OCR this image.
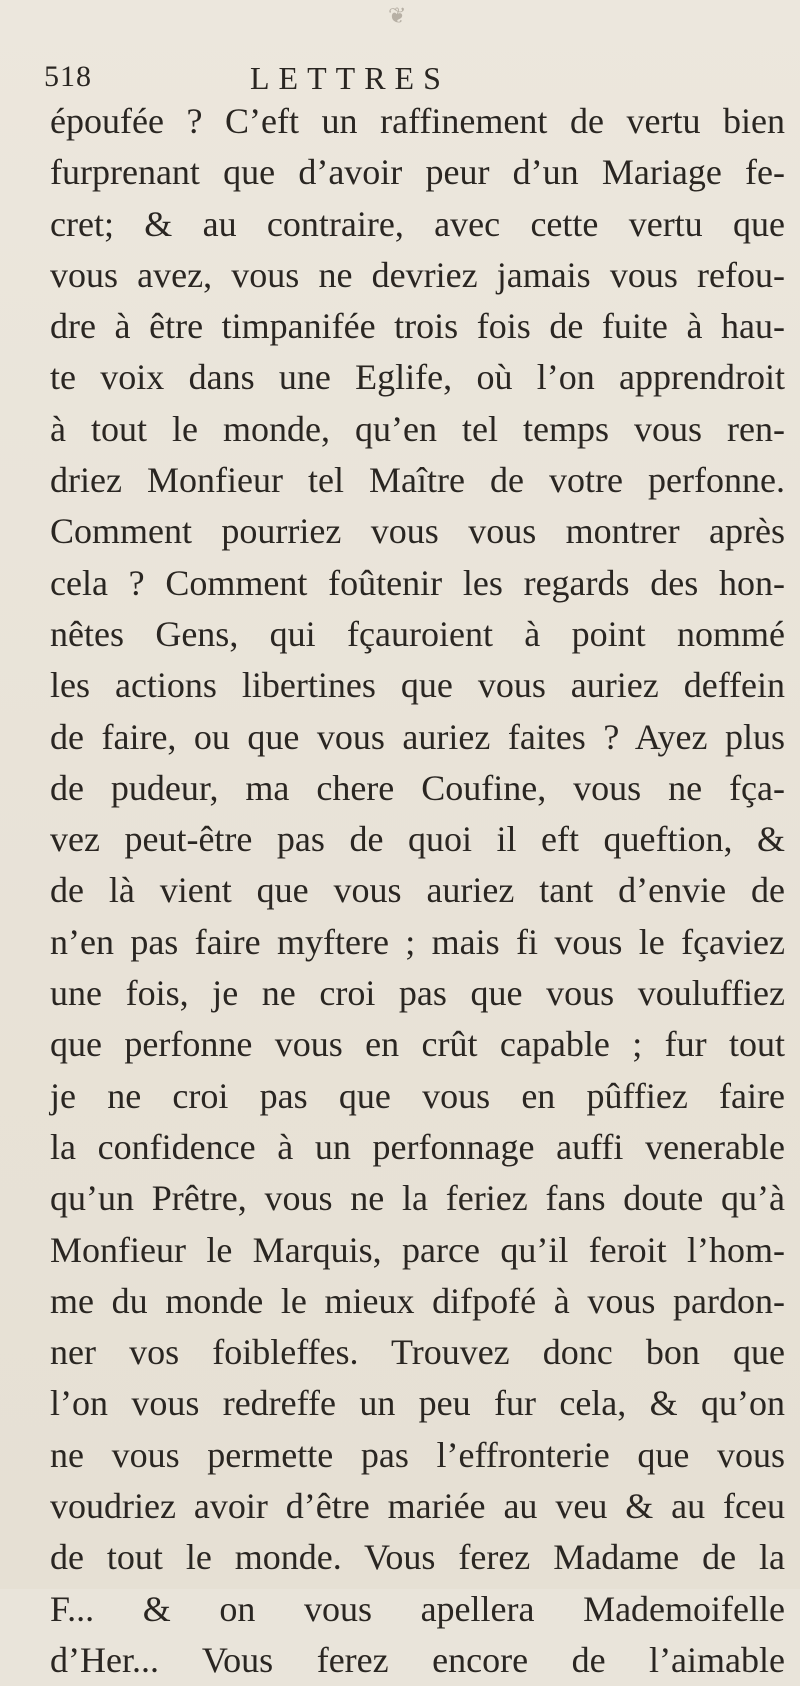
❦
518	LETTRES
époufée ? C’eft un raffinement de vertu bien
furprenant que d’avoir peur d’un Mariage fe-
cret; & au contraire, avec cette vertu que
vous avez, vous ne devriez jamais vous refou-
dre à être timpanifée trois fois de fuite à hau-
te voix dans une Eglife, où l’on apprendroit
à tout le monde, qu’en tel temps vous ren-
driez Monfieur tel Maître de votre perfonne.
Comment pourriez vous vous montrer après
cela ? Comment foûtenir les regards des hon-
nêtes Gens, qui fçauroient à point nommé
les actions libertines que vous auriez deffein
de faire, ou que vous auriez faites ? Ayez plus
de pudeur, ma chere Coufine, vous ne fça-
vez peut-être pas de quoi il eft queftion, &
de là vient que vous auriez tant d’envie de
n’en pas faire myftere ; mais fi vous le fçaviez
une fois, je ne croi pas que vous vouluffiez
que perfonne vous en crût capable ; fur tout
je ne croi pas que vous en pûffiez faire
la confidence à un perfonnage auffi venerable
qu’un Prêtre, vous ne la feriez fans doute qu’à
Monfieur le Marquis, parce qu’il feroit l’hom-
me du monde le mieux difpofé à vous pardon-
ner vos foibleffes. Trouvez donc bon que
l’on vous redreffe un peu fur cela, & qu’on
ne vous permette pas l’effronterie que vous
voudriez avoir d’être mariée au veu & au fceu
de tout le monde. Vous ferez Madame de la
F... & on vous apellera Mademoifelle
d’Her... Vous ferez encore de l’aimable
